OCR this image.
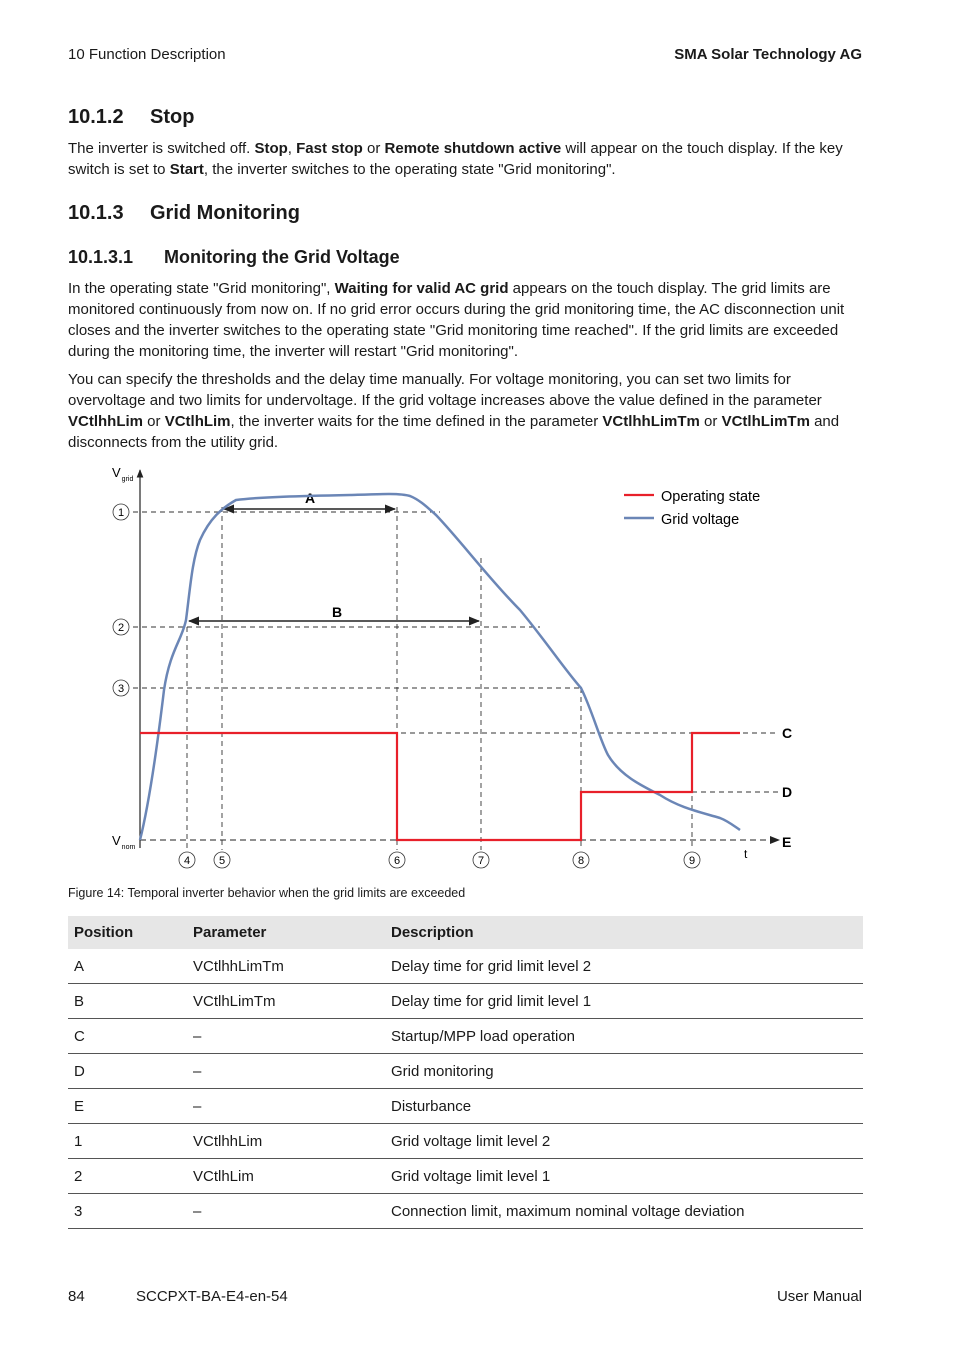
10 Function Description	SMA Solar Technology AG
10.1.2 Stop

The inverter is switched off. Stop, Fast stop or Remote shutdown active will appear on the touch display. If the key switch is set to Start, the inverter switches to the operating state "Grid monitoring".

10.1.3 Grid Monitoring
10.1.3.1 Monitoring the Grid Voltage

In the operating state "Grid monitoring", Waiting for valid AC grid appears on the touch display. The grid limits are monitored continuously from now on. If no grid error occurs during the grid monitoring time, the AC disconnection unit closes and the inverter switches to the operating state "Grid monitoring time reached". If the grid limits are exceeded during the monitoring time, the inverter will restart "Grid monitoring".

You can specify the thresholds and the delay time manually. For voltage monitoring, you can set two limits for overvoltage and two limits for undervoltage. If the grid voltage increases above the value defined in the parameter VCtlhhLim or VCtlhLim, the inverter waits for the time defined in the parameter VCtlhhLimTm or VCtlhLimTm and disconnects from the utility grid.

A
B
Operating state
Grid voltage
$V_{grid}$
$V_{nom}$	t
C
D
E
1
2
3
4	5	6	7	8	9
Figure 14: Temporal inverter behavior when the grid limits are exceeded
Position	Parameter	Description
A	VCtlhhLimTm	Delay time for grid limit level 2
B	VCtlhLimTm	Delay time for grid limit level 1
C	–	Startup/MPP load operation
D	–	Grid monitoring
E	–	Disturbance
1	VCtlhhLim	Grid voltage limit level 2
2	VCtlhLim	Grid voltage limit level 1
3	–	Connection limit, maximum nominal voltage deviation
84	SCCPXT-BA-E4-en-54	User Manual
